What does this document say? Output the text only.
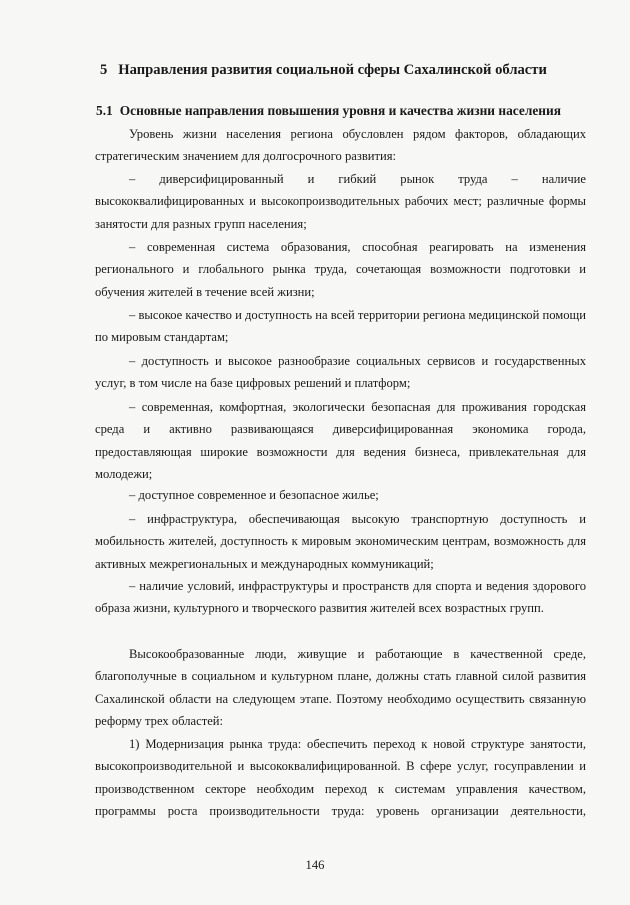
5 Направления развития социальной сферы Сахалинской области
5.1 Основные направления повышения уровня и качества жизни населения

Уровень жизни населения региона обусловлен рядом факторов, обладающих стратегическим значением для долгосрочного развития:

– диверсифицированный и гибкий рынок труда – наличие высококвалифицированных и высокопроизводительных рабочих мест; различные формы занятости для разных групп населения;

– современная система образования, способная реагировать на изменения регионального и глобального рынка труда, сочетающая возможности подготовки и обучения жителей в течение всей жизни;

– высокое качество и доступность на всей территории региона медицинской помощи по мировым стандартам;

– доступность и высокое разнообразие социальных сервисов и государственных услуг, в том числе на базе цифровых решений и платформ;

– современная, комфортная, экологически безопасная для проживания городская среда и активно развивающаяся диверсифицированная экономика города, предоставляющая широкие возможности для ведения бизнеса, привлекательная для молодежи;

– доступное современное и безопасное жилье;

– инфраструктура, обеспечивающая высокую транспортную доступность и мобильность жителей, доступность к мировым экономическим центрам, возможность для активных межрегиональных и международных коммуникаций;

– наличие условий, инфраструктуры и пространств для спорта и ведения здорового образа жизни, культурного и творческого развития жителей всех возрастных групп.

Высокообразованные люди, живущие и работающие в качественной среде, благополучные в социальном и культурном плане, должны стать главной силой развития Сахалинской области на следующем этапе. Поэтому необходимо осуществить связанную реформу трех областей:

1) Модернизация рынка труда: обеспечить переход к новой структуре занятости, высокопроизводительной и высококвалифицированной. В сфере услуг, госуправлении и производственном секторе необходим переход к системам управления качеством, программы роста производительности труда: уровень организации деятельности,

146
